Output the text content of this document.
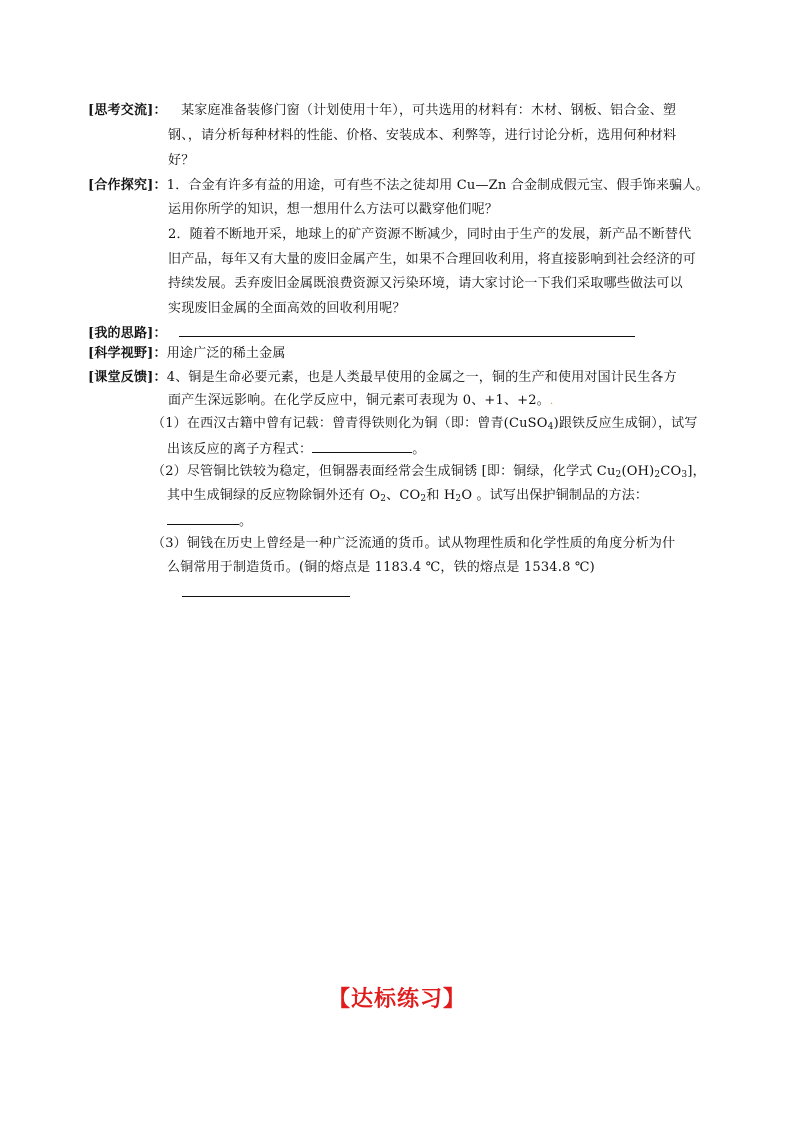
[思考交流]： 某家庭准备装修门窗（计划使用十年），可共选用的材料有：木材、钢板、铝合金、塑
钢、，请分析每种材料的性能、价格、安装成本、利弊等，进行讨论分析，选用何种材料
好？
[合作探究]：1．合金有许多有益的用途，可有些不法之徒却用 Cu—Zn 合金制成假元宝、假手饰来骗人。
运用你所学的知识，想一想用什么方法可以戳穿他们呢？
2．随着不断地开采，地球上的矿产资源不断减少，同时由于生产的发展，新产品不断替代
旧产品，每年又有大量的废旧金属产生，如果不合理回收利用，将直接影响到社会经济的可
持续发展。丢弃废旧金属既浪费资源又污染环境，请大家讨论一下我们采取哪些做法可以
实现废旧金属的全面高效的回收利用呢？
[我的思路]：
[科学视野]：用途广泛的稀土金属
[课堂反馈]：4、铜是生命必要元素，也是人类最早使用的金属之一，铜的生产和使用对国计民生各方
面产生深远影响。在化学反应中，铜元素可表现为 0、+1、+2。.
（1）在西汉古籍中曾有记载：曾青得铁则化为铜（即：曾青(CuSO$_4$)跟铁反应生成铜），试写
出该反应的离子方程式：	。
（2）尽管铜比铁较为稳定，但铜器表面经常会生成铜锈 [即：铜绿，化学式 $Cu_2(OH)_2CO_3$]，
其中生成铜绿的反应物除铜外还有 $O_2$、$CO_2$和 $H_2O$ 。试写出保护铜制品的方法：
。
（3）铜钱在历史上曾经是一种广泛流通的货币。试从物理性质和化学性质的角度分析为什
么铜常用于制造货币。(铜的熔点是 1183.4 ℃，铁的熔点是 1534.8 ℃)
【达标练习】
